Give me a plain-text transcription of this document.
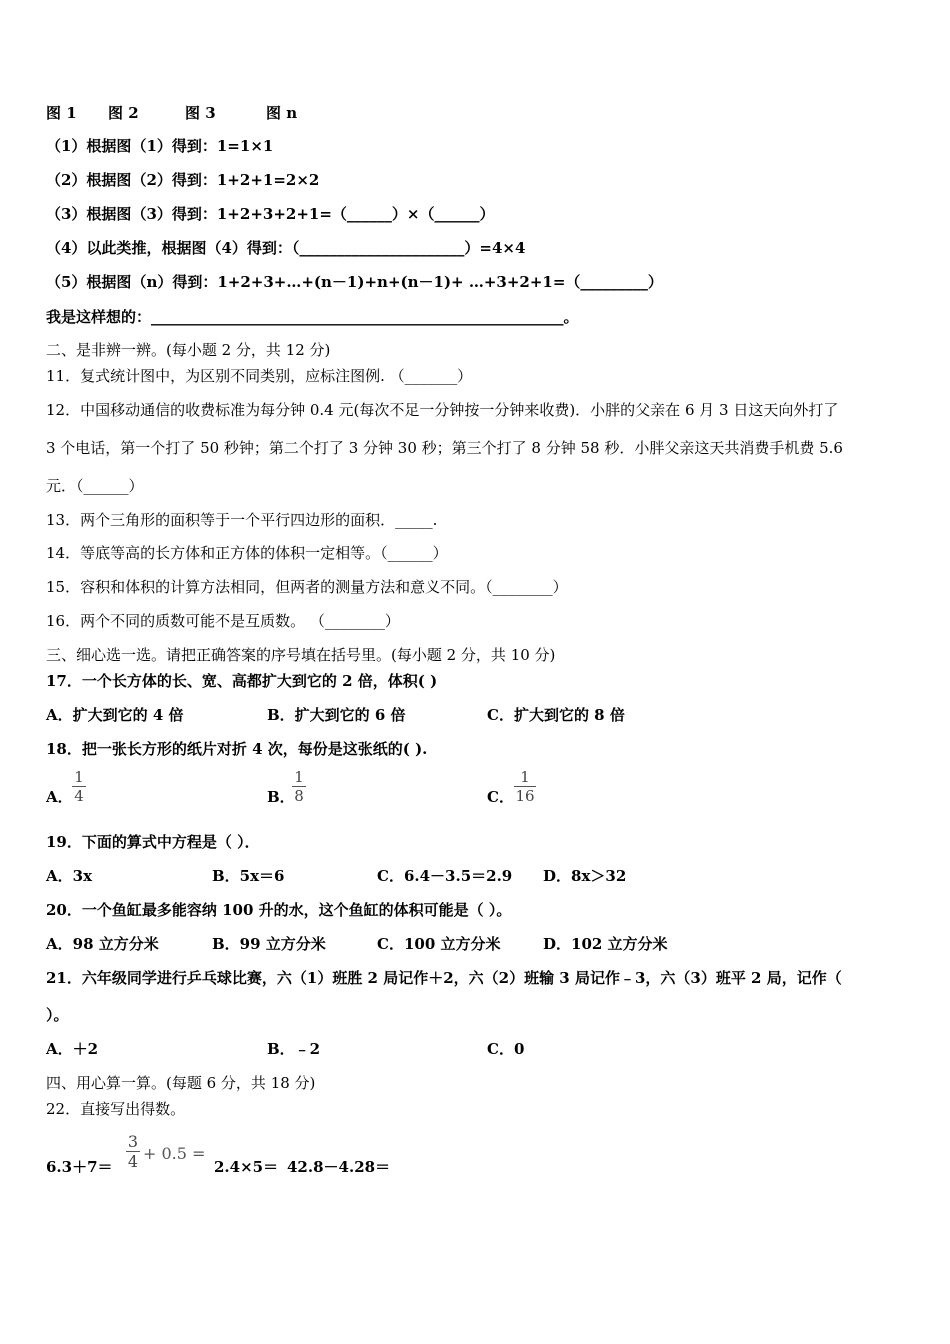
图 1 图 2	图 3	图 n
（1）根据图（1）得到：1=1×1
（2）根据图（2）得到：1+2+1=2×2
（3）根据图（3）得到：1+2+3+2+1=（______）×（______）
（4）以此类推，根据图（4）得到：（______________________）=4×4
（5）根据图（n）得到：1+2+3+…+(n－1)+n+(n－1)+ …+3+2+1=（_________）
我是这样想的：_______________________________________________________。
二、是非辨一辨。(每小题 2 分，共 12 分)
11．复式统计图中，为区别不同类别，应标注图例. （_______）
12．中国移动通信的收费标准为每分钟 0.4 元(每次不足一分钟按一分钟来收费)．小胖的父亲在 6 月 3 日这天向外打了
3 个电话，第一个打了 50 秒钟；第二个打了 3 分钟 30 秒；第三个打了 8 分钟 58 秒．小胖父亲这天共消费手机费 5.6
元．（______）
13．两个三角形的面积等于一个平行四边形的面积．_____.
14．等底等高的长方体和正方体的体积一定相等。（______）
15．容积和体积的计算方法相同，但两者的测量方法和意义不同。（________）
16．两个不同的质数可能不是互质数。 （________）
三、细心选一选。请把正确答案的序号填在括号里。(每小题 2 分，共 10 分)
17．一个长方体的长、宽、高都扩大到它的 2 倍，体积( )
A．扩大到它的 4 倍	B．扩大到它的 6 倍	C．扩大到它的 8 倍
18．把一张长方形的纸片对折 4 次，每份是这张纸的( ).
A．
1
4	B．
1
8	C．
1
16
19．下面的算式中方程是（ ）．
A．3x	B．5x＝6	C．6.4－3.5＝2.9 D．8x＞32
20．一个鱼缸最多能容纳 100 升的水，这个鱼缸的体积可能是（ ）。
A．98 立方分米	B．99 立方分米	C．100 立方分米	D．102 立方分米
21．六年级同学进行乒乓球比赛，六（1）班胜 2 局记作＋2，六（2）班输 3 局记作﹣3，六（3）班平 2 局，记作（
）。
A．＋2	B．﹣2	C．0
四、用心算一算。(每题 6 分，共 18 分)
22．直接写出得数。
6.3＋7＝
3
4 + 0.5 =
2.4×5＝ 42.8－4.28＝
